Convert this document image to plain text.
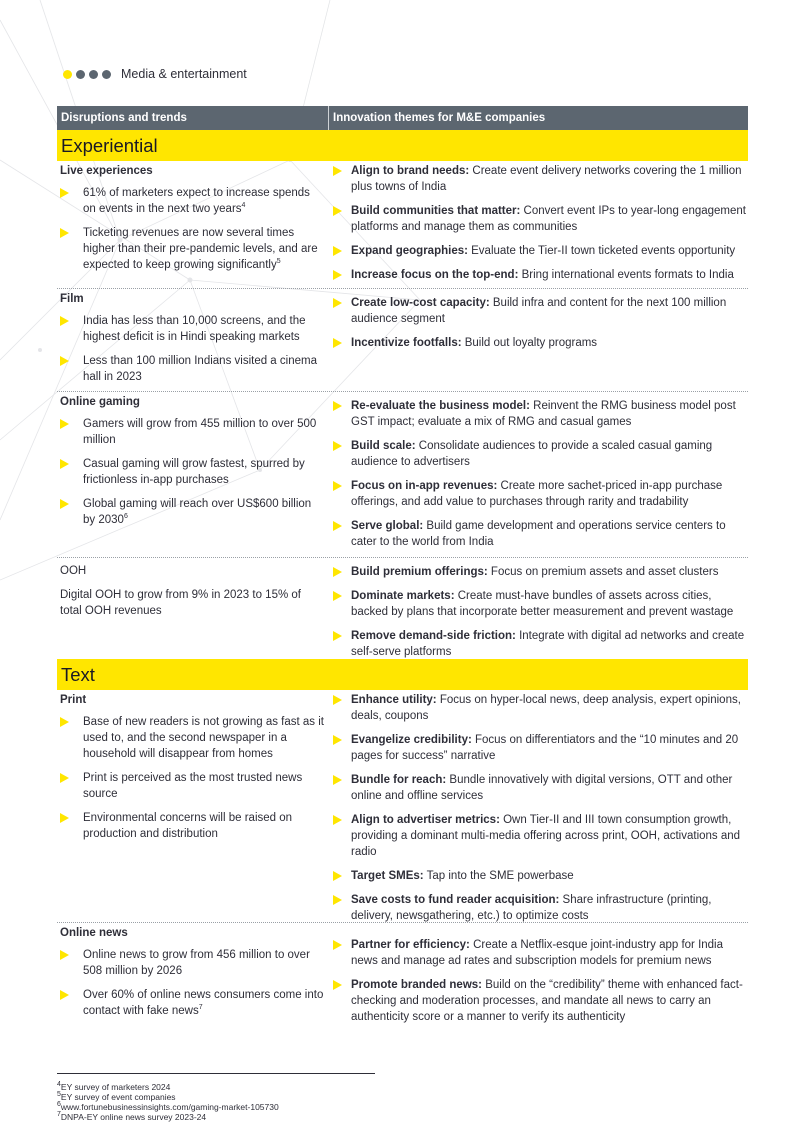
Media & entertainment
Disruptions and trends	Innovation themes for M&E companies
Experiential
Live experiences
61% of marketers expect to increase spends on events in the next two years$^4$
Ticketing revenues are now several times higher than their pre-pandemic levels, and are expected to keep growing significantly$^5$
Align to brand needs: Create event delivery networks covering the 1 million plus towns of India
Build communities that matter: Convert event IPs to year-long engagement platforms and manage them as communities
Expand geographies: Evaluate the Tier-II town ticketed events opportunity
Increase focus on the top-end: Bring international events formats to India
Film
India has less than 10,000 screens, and the highest deficit is in Hindi speaking markets
Less than 100 million Indians visited a cinema hall in 2023
Create low-cost capacity: Build infra and content for the next 100 million audience segment
Incentivize footfalls: Build out loyalty programs
Online gaming
Gamers will grow from 455 million to over 500 million
Casual gaming will grow fastest, spurred by frictionless in-app purchases
Global gaming will reach over US$600 billion by 2030$^6$
Re-evaluate the business model: Reinvent the RMG business model post GST impact; evaluate a mix of RMG and casual games
Build scale: Consolidate audiences to provide a scaled casual gaming audience to advertisers
Focus on in-app revenues: Create more sachet-priced in-app purchase offerings, and add value to purchases through rarity and tradability
Serve global: Build game development and operations service centers to cater to the world from India
OOH
Digital OOH to grow from 9% in 2023 to 15% of total OOH revenues
Build premium offerings: Focus on premium assets and asset clusters
Dominate markets: Create must-have bundles of assets across cities, backed by plans that incorporate better measurement and prevent wastage
Remove demand-side friction: Integrate with digital ad networks and create self-serve platforms
Text
Print
Base of new readers is not growing as fast as it used to, and the second newspaper in a household will disappear from homes
Print is perceived as the most trusted news source
Environmental concerns will be raised on production and distribution
Enhance utility: Focus on hyper-local news, deep analysis, expert opinions, deals, coupons
Evangelize credibility: Focus on differentiators and the “10 minutes and 20 pages for success” narrative
Bundle for reach: Bundle innovatively with digital versions, OTT and other online and offline services
Align to advertiser metrics: Own Tier-II and III town consumption growth, providing a dominant multi-media offering across print, OOH, activations and radio
Target SMEs: Tap into the SME powerbase
Save costs to fund reader acquisition: Share infrastructure (printing, delivery, newsgathering, etc.) to optimize costs
Online news
Online news to grow from 456 million to over 508 million by 2026
Over 60% of online news consumers come into contact with fake news$^7$
Partner for efficiency: Create a Netflix-esque joint-industry app for India news and manage ad rates and subscription models for premium news
Promote branded news: Build on the “credibility” theme with enhanced fact-checking and moderation processes, and mandate all news to carry an authenticity score or a manner to verify its authenticity
$^4$EY survey of marketers 2024
$^5$EY survey of event companies
$^6$www.fortunebusinessinsights.com/gaming-market-105730
$^7$DNPA-EY online news survey 2023-24
